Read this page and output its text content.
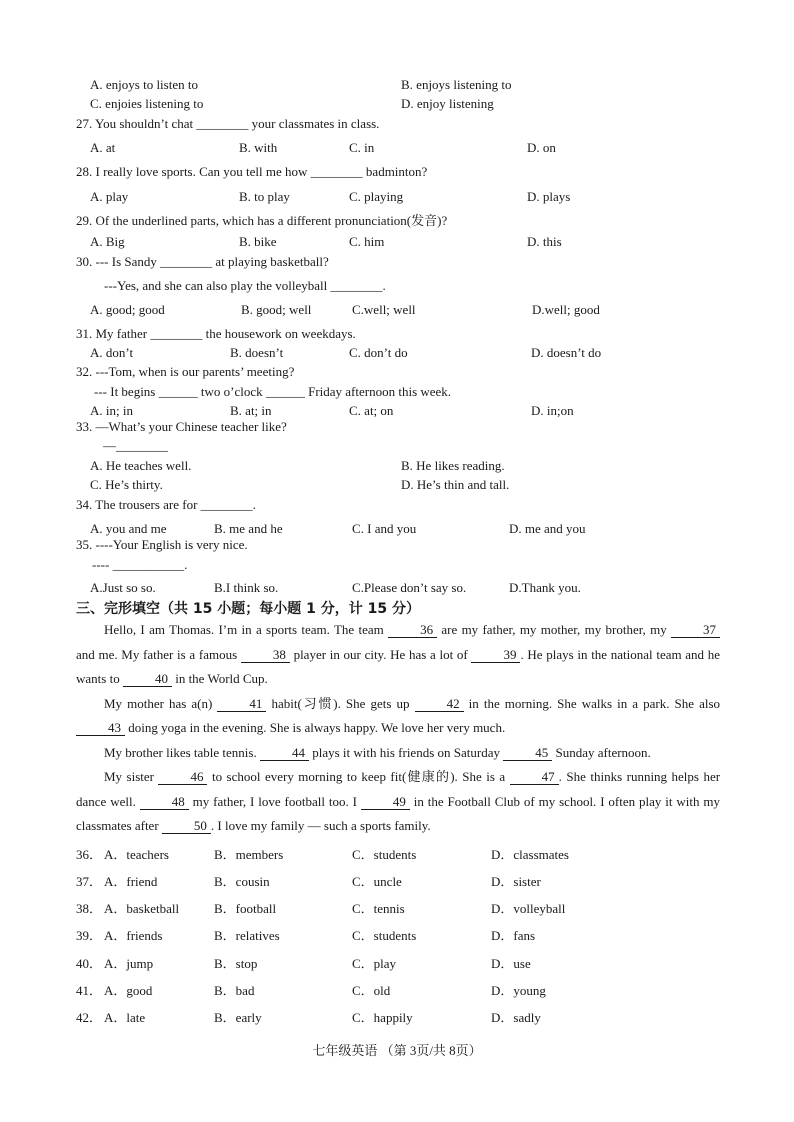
A. enjoys to listen to	B. enjoys listening to
C. enjoies listening to	D. enjoy listening
27. You shouldn’t chat ________ your classmates in class.
A. at	B. with	C. in	D. on
28. I really love sports. Can you tell me how ________ badminton?
A. play	B. to play	C. playing	D. plays
29. Of the underlined parts, which has a different pronunciation(发音)?
A. Big	B. bike	C. him	D. this
30. --- Is Sandy ________ at playing basketball?
---Yes, and she can also play the volleyball ________.
A. good; good	B. good; well	C.well; well	D.well; good
31. My father ________ the housework on weekdays.
A. don’t	B. doesn’t	C. don’t do	D. doesn’t do
32. ---Tom, when is our parents’ meeting?
--- It begins ______ two o’clock ______ Friday afternoon this week.
A. in; in	B. at; in	C. at; on	D. in;on
33. —What’s your Chinese teacher like?
—________
A. He teaches well.	B. He likes reading.
C. He’s thirty.	D. He’s thin and tall.
34. The trousers are for ________.
A. you and me	B. me and he	C. I and you	D. me and you
35. ----Your English is very nice.
---- ___________.
A.Just so so.	B.I think so.	C.Please don’t say so.	D.Thank you.
三、完形填空（共 15 小题；每小题 1 分，计 15 分）

Hello, I am Thomas. I’m in a sports team. The team	36 are my father, my mother, my brother, my	37 and me. My father is a famous	38 player in our city. He has a lot of	39 . He plays in the national team and he wants to	40 in the World Cup.

My mother has a(n)	41 habit(习惯). She gets up	42 in the morning. She walks in a park. She also 43 doing yoga in the evening. She is always happy. We love her very much.

My brother likes table tennis.	44 plays it with his friends on Saturday	45 Sunday afternoon.

My sister	46 to school every morning to keep fit(健康的). She is a	47 . She thinks running helps her dance well.	48 my father, I love football too. I	49 in the Football Club of my school. I often play it with my classmates after	50 . I love my family — such a sports family.

36． A．teachers	B．members	C．students	D．classmates
37． A．friend	B．cousin	C．uncle	D．sister
38． A．basketball	B．football	C．tennis	D．volleyball
39． A．friends	B．relatives	C．students	D．fans
40． A．jump	B．stop	C．play	D．use
41． A．good	B．bad	C．old	D．young
42． A．late	B．early	C．happily	D．sadly
七年级英语 （第 3页/共 8页）
